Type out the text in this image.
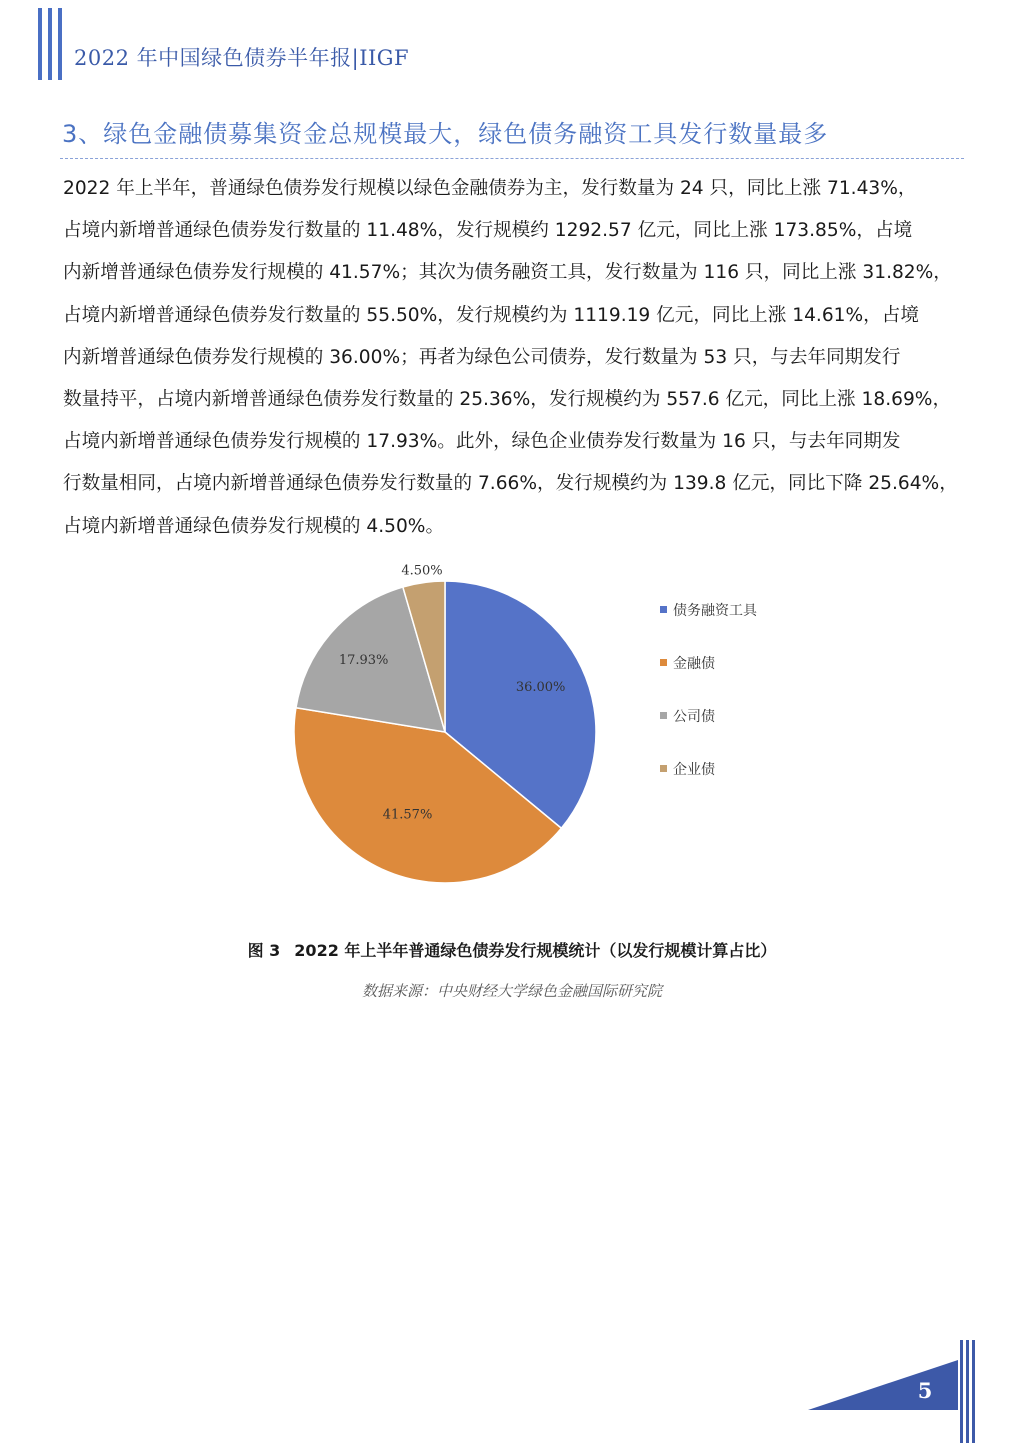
2022 年中国绿色债券半年报|IIGF
3、绿色金融债募集资金总规模最大，绿色债务融资工具发行数量最多
2022 年上半年，普通绿色债券发行规模以绿色金融债券为主，发行数量为 24 只，同比上涨 71.43%，
占境内新增普通绿色债券发行数量的 11.48%，发行规模约 1292.57 亿元，同比上涨 173.85%，占境
内新增普通绿色债券发行规模的 41.57%；其次为债务融资工具，发行数量为 116 只，同比上涨 31.82%，
占境内新增普通绿色债券发行数量的 55.50%，发行规模约为 1119.19 亿元，同比上涨 14.61%，占境
内新增普通绿色债券发行规模的 36.00%；再者为绿色公司债券，发行数量为 53 只，与去年同期发行
数量持平，占境内新增普通绿色债券发行数量的 25.36%，发行规模约为 557.6 亿元，同比上涨 18.69%，
占境内新增普通绿色债券发行规模的 17.93%。此外，绿色企业债券发行数量为 16 只，与去年同期发
行数量相同，占境内新增普通绿色债券发行数量的 7.66%，发行规模约为 139.8 亿元，同比下降 25.64%，
占境内新增普通绿色债券发行规模的 4.50%。
36.00%
41.57%
17.93%
4.50%
债务融资工具
金融债
公司债
企业债
图 3 2022 年上半年普通绿色债券发行规模统计（以发行规模计算占比）
数据来源：中央财经大学绿色金融国际研究院
5
